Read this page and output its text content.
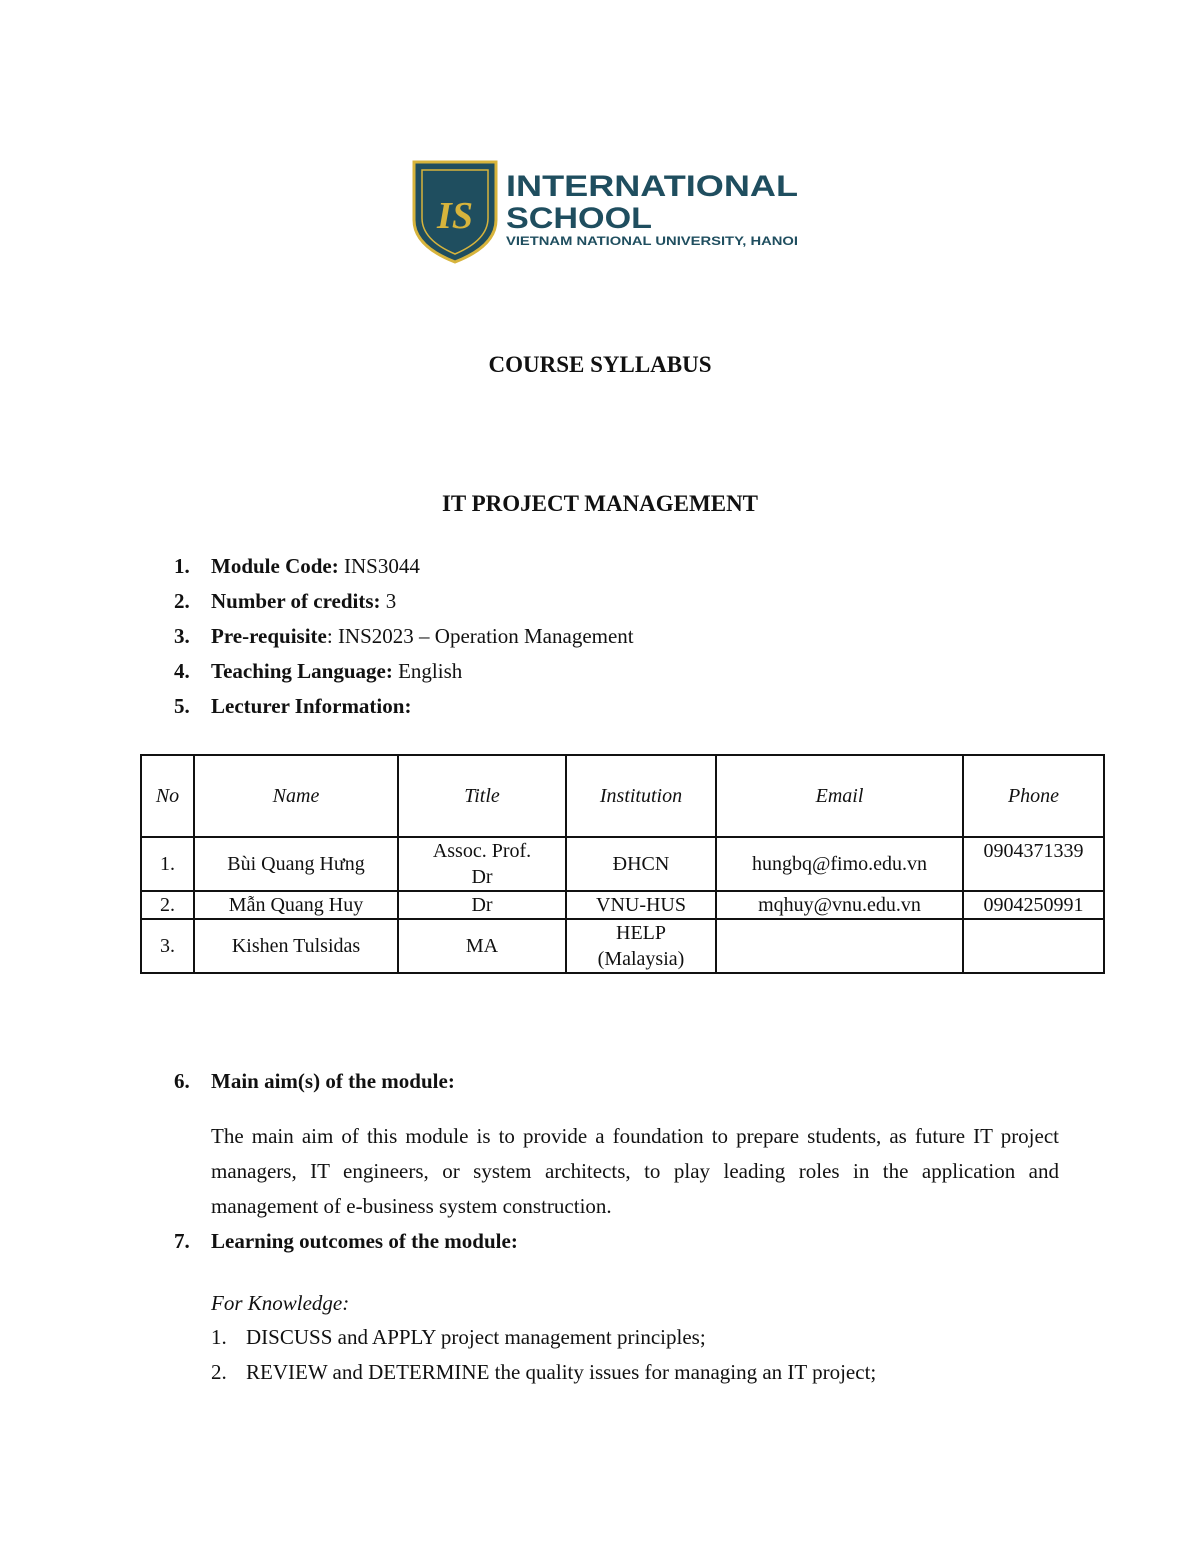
IS
INTERNATIONAL
SCHOOL
VIETNAM NATIONAL UNIVERSITY, HANOI
COURSE SYLLABUS
IT PROJECT MANAGEMENT
1. Module Code: INS3044
2. Number of credits: 3
3. Pre-requisite: INS2023 – Operation Management
4. Teaching Language: English
5. Lecturer Information:
No	Name	Title	Institution	Email	Phone
1.	Bùi Quang Hưng	Assoc. Prof. Dr	ĐHCN	hungbq@fimo.edu.vn	0904371339
2.	Mẫn Quang Huy	Dr	VNU-HUS	mqhuy@vnu.edu.vn	0904250991
3.	Kishen Tulsidas	MA	HELP (Malaysia)		
6. Main aim(s) of the module:

The main aim of this module is to provide a foundation to prepare students, as future IT project managers, IT engineers, or system architects, to play leading roles in the application and management of e-business system construction.

7. Learning outcomes of the module:
For Knowledge:
1. DISCUSS and APPLY project management principles;
2. REVIEW and DETERMINE the quality issues for managing an IT project;
